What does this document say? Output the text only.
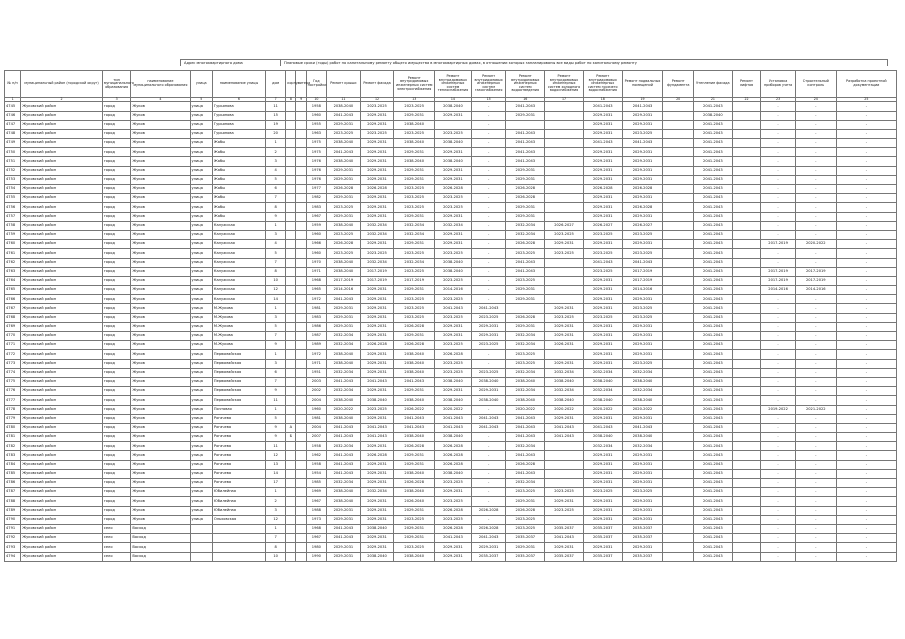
Адрес многоквартирного дома	Плановые сроки (годы) работ по капитальному ремонту общего имущества в многоквартирных домах, в отношении которых запланированы все виды работ по капитальному ремонту
№ п/п	муниципальный район (городской округ)	тип муниципального образования	наименование муниципального образования	улица	наименование улицы	дом	корпус	литера	Год постройки	Ремонт крыши	Ремонт фасада	Ремонт внутридомовых инженерных систем электроснабжения	Ремонт внутридомовых инженерных систем теплоснабжения	Ремонт внутридомовых инженерных систем газоснабжения	Ремонт внутридомовых инженерных систем водоотведения	Ремонт внутридомовых инженерных систем холодного водоснабжения	Ремонт внутридомовых инженерных систем горячего водоснабжения	Ремонт подвальных помещений	Ремонт фундамента	Утепление фасада	Ремонт лифтов	Установка приборов учета	Строительный контроль	Разработка проектной документации
1	2	3	4	5	6	7	8	9	10	11	12	13	14	15	16	17	18	19	20	21	22	23	24	25
4745	Жуковский район	город	Жуков	улица	Гурьянова	11			1958	2038-2040	2023-2025	2023-2025	2038-2040	-	2041-2043		2041-2043	2041-2043		2041-2043		-	-	-
4746	Жуковский район	город	Жуков	улица	Гурьянова	15			1960	2041-2043	2029-2031	2029-2031	2029-2031	-	2029-2031		2029-2031	2029-2031		2038-2040		-	-	-
4747	Жуковский район	город	Жуков	улица	Гурьянова	19			1955	2029-2031	2029-2031	2038-2040		-			2029-2031	2029-2031		2041-2043		-	-	-
4748	Жуковский район	город	Жуков	улица	Гурьянова	20			1963	2023-2025	2023-2025	2023-2025	2023-2025	-	2041-2043		2029-2031	2023-2025		2041-2043		-	-	-
4749	Жуковский район	город	Жуков	улица	Жабы	1			1975	2038-2040	2029-2031	2038-2040	2038-2040	-	2041-2043		2041-2043	2041-2043		2041-2043		-	-	-
4750	Жуковский район	город	Жуков	улица	Жабы	2			1975	2041-2043	2029-2031	2029-2031	2029-2031	-	2041-2043		2029-2031	2029-2031		2041-2043		-	-	-
4751	Жуковский район	город	Жуков	улица	Жабы	3			1976	2038-2040	2029-2031	2038-2040	2038-2040	-	2041-2043		2029-2031	2029-2031		2041-2043		-	-	-
4752	Жуковский район	город	Жуков	улица	Жабы	4			1976	2029-2031	2029-2031	2029-2031	2029-2031	-	2029-2031		2029-2031	2029-2031		2041-2043		-	-	-
4753	Жуковский район	город	Жуков	улица	Жабы	5			1976	2029-2031	2029-2031	2029-2031	2029-2031	-	2029-2031		2029-2031	2029-2031		2041-2043		-	-	-
4754	Жуковский район	город	Жуков	улица	Жабы	6			1977	2026-2028	2026-2028	2023-2025	2026-2028	-	2026-2028		2026-2028	2026-2028		2041-2043		-	-	-
4755	Жуковский район	город	Жуков	улица	Жабы	7			1982	2029-2031	2029-2031	2023-2025	2023-2025	-	2026-2028		2029-2031	2029-2031		2041-2043		-	-	-
4756	Жуковский район	город	Жуков	улица	Жабы	8			1983	2023-2025	2029-2031	2023-2025	2023-2025	-	2029-2031		2029-2031	2026-2028		2041-2043		-	-	-
4757	Жуковский район	город	Жуков	улица	Жабы	9			1967	2029-2031	2029-2031	2029-2031	2029-2031	-	2029-2031		2029-2031	2029-2031		2041-2043		-	-	-
4758	Жуковский район	город	Жуков	улица	Калужская	1			1959	2038-2040	2032-2034	2032-2034	2032-2034	-	2032-2034	2026-2027	2026-2027	2026-2027		2041-2043		-	-	-
4759	Жуковский район	город	Жуков	улица	Калужская	3			1960	2023-2025	2032-2034	2032-2034	2029-2031	-	2032-2034	2023-2025	2023-2025	2023-2025		2041-2043		-	-	-
4760	Жуковский район	город	Жуков	улица	Калужская	4			1966	2026-2028	2029-2031	2029-2031	2029-2031	-	2026-2028	2029-2031	2029-2031	2029-2031		2041-2043		2017-2019	2020-2022	-
4761	Жуковский район	город	Жуков	улица	Калужская	5			1960	2023-2025	2023-2025	2023-2025	2023-2025	-	2023-2025	2023-2025	2023-2025	2023-2025		2041-2043		-	-	-
4762	Жуковский район	город	Жуков	улица	Калужская	7			1970	2038-2040	2032-2034	2032-2034	2038-2040	-	2041-2043		2041-2043	2041-2043		2041-2043		-	-	-
4763	Жуковский район	город	Жуков	улица	Калужская	8			1971	2038-2040	2017-2019	2023-2025	2038-2040	-	2041-2043		2023-2025	2017-2019		2041-2043		2017-2019	2017-2019	-
4764	Жуковский район	город	Жуков	улица	Калужская	10			1968	2017-2019	2017-2019	2017-2019	2023-2025	-	2023-2025		2029-2031	2017-2019		2041-2043		2017-2019	2017-2019	-
4765	Жуковский район	город	Жуков	улица	Калужская	12			1965	2014-2016	2029-2031	2029-2031	2014-2016	-	2029-2031		2029-2031	2014-2016		2041-2043		2014-2016	2014-2016	-
4766	Жуковский район	город	Жуков	улица	Калужская	14			1972	2041-2043	2029-2031	2023-2025	2023-2025	-	2029-2031		2029-2031	2029-2031		2041-2043		-	-	-
4767	Жуковский район	город	Жуков	улица	М.Жукова	1			1981	2029-2031	2029-2031	2023-2025	2041-2043	2041-2043		2029-2031	2029-2031	2023-2025		2041-2043		-	-	-
4768	Жуковский район	город	Жуков	улица	М.Жукова	3			1983	2029-2031	2029-2031	2023-2025	2023-2025	2023-2025	2026-2028	2023-2025	2023-2025	2023-2025		2041-2043		-	-	-
4769	Жуковский район	город	Жуков	улица	М.Жукова	5			1986	2029-2031	2029-2031	2026-2028	2029-2031	2029-2031	2029-2031	2029-2031	2029-2031	2029-2031		2041-2043		-	-	-
4770	Жуковский район	город	Жуков	улица	М.Жукова	7			1987	2032-2034	2029-2031	2029-2031	2029-2031	2029-2031	2032-2034	2029-2031	2029-2031	2029-2031		2041-2043		-	-	-
4771	Жуковский район	город	Жуков	улица	М.Жукова	9			1989	2032-2034	2026-2028	2026-2028	2023-2025	2023-2025	2032-2034	2026-2031	2029-2031	2029-2031		2041-2043		-	-	-
4772	Жуковский район	город	Жуков	улица	Первомайская	1			1972	2038-2040	2029-2031	2038-2040	2026-2028	-	2023-2025		2029-2031	2029-2031		2041-2043		-	-	-
4773	Жуковский район	город	Жуков	улица	Первомайская	3			1971	2038-2040	2029-2031	2038-2040	2023-2025	-	2023-2025	2029-2031	2029-2031	2023-2025		2041-2043		-	-	-
4774	Жуковский район	город	Жуков	улица	Первомайская	6			1951	2032-2034	2029-2031	2038-2040	2023-2025	2023-2025	2032-2034	2032-2034	2032-2034	2032-2034		2041-2043		-	-	-
4775	Жуковский район	город	Жуков	улица	Первомайская	7			2003	2041-2043	2041-2043	2041-2043	2038-2040	2038-2040	2038-2040	2038-2040	2038-2040	2038-2040		2041-2043		-	-	-
4776	Жуковский район	город	Жуков	улица	Первомайская	9			2002	2032-2034	2029-2031	2029-2031	2029-2031	2029-2031	2032-2034	2032-2034	2032-2034	2032-2034		2041-2043		-	-	-
4777	Жуковский район	город	Жуков	улица	Первомайская	11			2004	2038-2040	2038-2040	2038-2040	2038-2040	2038-2040	2038-2040	2038-2040	2038-2040	2038-2040		2041-2043		-	-	-
4778	Жуковский район	город	Жуков	улица	Почтовая	1			1960	2020-2022	2023-2025	2026-2022	2020-2022	-	2020-2022	2020-2022	2020-2022	2020-2022		2041-2043		2019-2022	2021-2022	-
4779	Жуковский район	город	Жуков	улица	Рогачева	5			1981	2038-2040	2029-2031	2041-2043	2041-2043	2041-2043	2041-2043	2029-2031	2029-2031	2029-2031		2041-2043		-	-	-
4780	Жуковский район	город	Жуков	улица	Рогачева	9	А		2004	2041-2043	2041-2043	2041-2043	2041-2043	2041-2043	2041-2043	2041-2043	2041-2043	2041-2043		2041-2043		-	-	-
4781	Жуковский район	город	Жуков	улица	Рогачева	9	Б		2007	2041-2043	2041-2043	2038-2040	2038-2040	-	2041-2043	2041-2043	2038-2040	2038-2040		2041-2043		-	-	-
4782	Жуковский район	город	Жуков	улица	Рогачева	11			1958	2032-2034	2029-2031	2026-2028	2026-2028	-	2032-2034		2032-2034	2032-2034		2041-2043		-	-	-
4783	Жуковский район	город	Жуков	улица	Рогачева	12			1962	2041-2043	2026-2028	2029-2031	2026-2028	-	2041-2043		2029-2031	2029-2031		2041-2043		-	-	-
4784	Жуковский район	город	Жуков	улица	Рогачева	13			1958	2041-2043	2029-2031	2029-2031	2026-2028	-	2026-2028		2029-2031	2029-2031		2041-2043		-	-	-
4785	Жуковский район	город	Жуков	улица	Рогачева	14			1954	2041-2043	2029-2031	2038-2040	2038-2040	-	2041-2043		2029-2031	2029-2031		2041-2043		-	-	-
4786	Жуковский район	город	Жуков	улица	Рогачева	17			1985	2032-2034	2029-2031	2026-2028	2023-2025	-	2032-2034		2029-2031	2029-2031		2041-2043		-	-	-
4787	Жуковский район	город	Жуков	улица	Юбилейная	1			1969	2038-2040	2032-2034	2038-2040	2029-2031	-	2023-2025	2023-2025	2023-2025	2023-2025		2041-2043		-	-	-
4788	Жуковский район	город	Жуков	улица	Юбилейная	2			1967	2038-2040	2029-2031	2026-2040	2023-2025	-	2029-2031	2029-2031	2029-2031	2029-2031		2041-2043		-	-	-
4789	Жуковский район	город	Жуков	улица	Юбилейная	3			1988	2029-2031	2029-2031	2029-2031	2026-2028	2026-2028	2026-2028	2023-2025	2029-2031	2029-2031		2041-2043		-	-	-
4790	Жуковский район	город	Жуков	улица	Ольховская	12			1973	2029-2031	2029-2031	2023-2025	2023-2025	-	2023-2025		2029-2031	2029-2031		2041-2043		-	-	-
4791	Жуковский район	село	Восход			1			1968	2041-2043	2038-2040	2029-2031	2026-2028	2026-2028	2023-2025	2035-2037	2035-2037	2035-2037		2041-2043		-	-	-
4792	Жуковский район	село	Восход			7			1967	2041-2043	2029-2031	2029-2031	2041-2043	2041-2043	2035-2037	2041-2043	2035-2037	2035-2037		2041-2043		-	-	-
4793	Жуковский район	село	Восход			8			1980	2029-2031	2029-2031	2023-2025	2029-2031	2029-2031	2029-2031	2029-2031	2029-2031	2029-2031		2041-2043		-	-	-
4794	Жуковский район	село	Восход			10			1990	2029-2031	2038-2040	2038-2040	2029-2031	2035-2037	2035-2037	2035-2037	2035-2037	2035-2037		2041-2043		-	-	-
